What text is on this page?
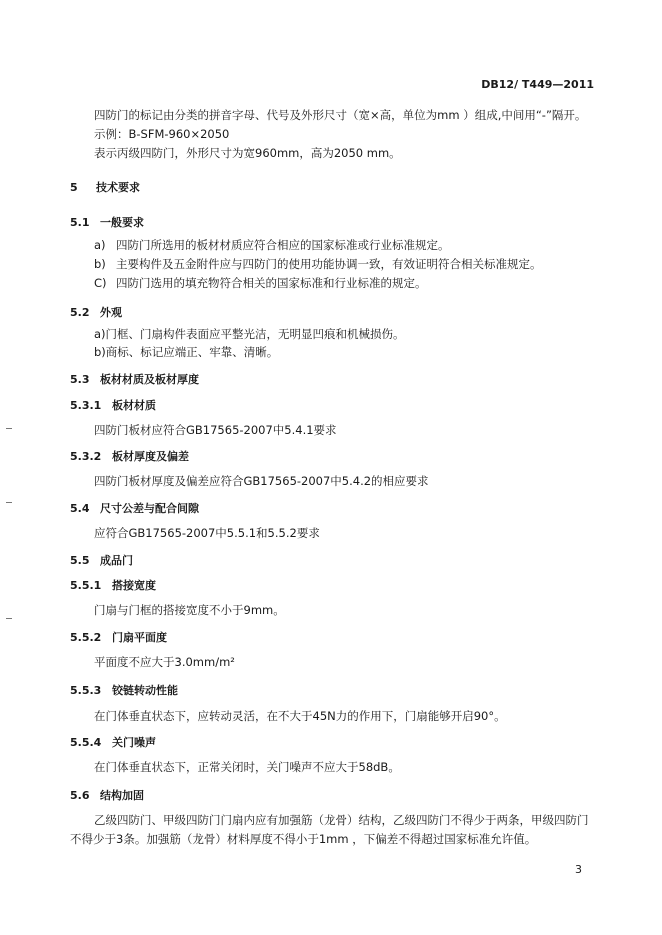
DB12/ T449—2011
四防门的标记由分类的拼音字母、代号及外形尺寸（宽×高，单位为mm ）组成,中间用“-”隔开。
示例：B-SFM-960×2050
表示丙级四防门，外形尺寸为宽960mm，高为2050 mm。
5 技术要求
5.1 一般要求
a) 四防门所选用的板材材质应符合相应的国家标准或行业标准规定。
b) 主要构件及五金附件应与四防门的使用功能协调一致，有效证明符合相关标准规定。
C) 四防门选用的填充物符合相关的国家标准和行业标准的规定。
5.2 外观
a)门框、门扇构件表面应平整光洁，无明显凹痕和机械损伤。
b)商标、标记应端正、牢靠、清晰。
5.3 板材材质及板材厚度
5.3.1 板材材质
四防门板材应符合GB17565-2007中5.4.1要求
5.3.2 板材厚度及偏差
四防门板材厚度及偏差应符合GB17565-2007中5.4.2的相应要求
5.4 尺寸公差与配合间隙
应符合GB17565-2007中5.5.1和5.5.2要求
5.5 成品门
5.5.1 搭接宽度
门扇与门框的搭接宽度不小于9mm。
5.5.2 门扇平面度
平面度不应大于3.0mm/m²
5.5.3 铰链转动性能
在门体垂直状态下，应转动灵活，在不大于45N力的作用下，门扇能够开启90°。
5.5.4 关门噪声
在门体垂直状态下，正常关闭时，关门噪声不应大于58dB。
5.6 结构加固
乙级四防门、甲级四防门门扇内应有加强筋（龙骨）结构，乙级四防门不得少于两条，甲级四防门
不得少于3条。加强筋（龙骨）材料厚度不得小于1mm ，下偏差不得超过国家标准允许值。
3
